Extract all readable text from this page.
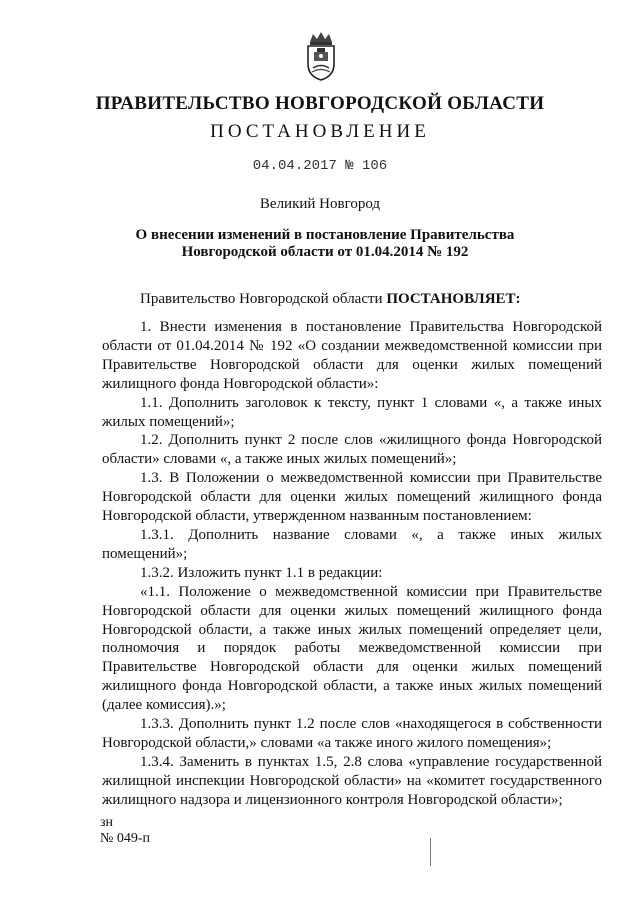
ПРАВИТЕЛЬСТВО НОВГОРОДСКОЙ ОБЛАСТИ
ПОСТАНОВЛЕНИЕ
04.04.2017 № 106
Великий Новгород
О внесении изменений в постановление Правительства Новгородской области от 01.04.2014 № 192
Правительство Новгородской области ПОСТАНОВЛЯЕТ:

1. Внести изменения в постановление Правительства Новгородской области от 01.04.2014 № 192 «О создании межведомственной комиссии при Правительстве Новгородской области для оценки жилых помещений жилищного фонда Новгородской области»:

1.1. Дополнить заголовок к тексту, пункт 1 словами «, а также иных жилых помещений»;

1.2. Дополнить пункт 2 после слов «жилищного фонда Новгородской области» словами «, а также иных жилых помещений»;

1.3. В Положении о межведомственной комиссии при Правительстве Новгородской области для оценки жилых помещений жилищного фонда Новгородской области, утвержденном названным постановлением:

1.3.1. Дополнить название словами «, а также иных жилых помещений»;

1.3.2. Изложить пункт 1.1 в редакции:

«1.1. Положение о межведомственной комиссии при Правительстве Новгородской области для оценки жилых помещений жилищного фонда Новгородской области, а также иных жилых помещений определяет цели, полномочия и порядок работы межведомственной комиссии при Правительстве Новгородской области для оценки жилых помещений жилищного фонда Новгородской области, а также иных жилых помещений (далее комиссия).»;

1.3.3. Дополнить пункт 1.2 после слов «находящегося в собственности Новгородской области,» словами «а также иного жилого помещения»;

1.3.4. Заменить в пунктах 1.5, 2.8 слова «управление государственной жилищной инспекции Новгородской области» на «комитет государственного жилищного надзора и лицензионного контроля Новгородской области»;

зн
№ 049-п
